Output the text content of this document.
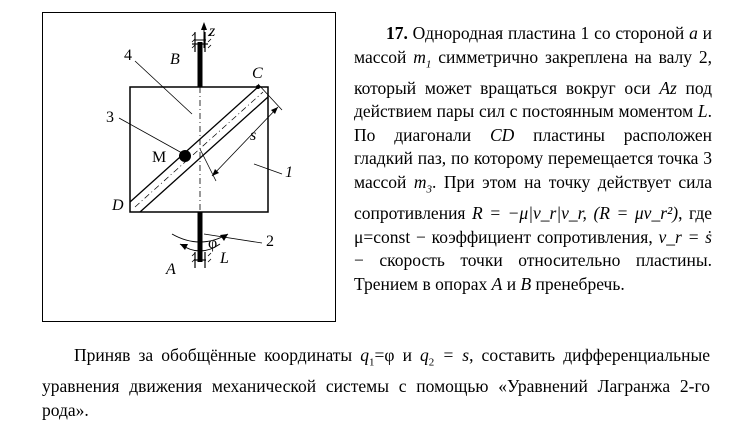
z
B
C
4
3
M
s
1
D
2
φ
L
A

17. Однородная пластина 1 со стороной a и массой $m_1$ симметрично закреплена на валу 2, который может вращаться вокруг оси Az под действием пары сил с постоянным моментом L. По диагонали CD пластины расположен гладкий паз, по которому перемещается точка 3 массой $m_3$. При этом на точку действует сила сопротивления R = −μ|v_r|v_r, (R = μv_r²), где μ=const − коэффициент сопротивления, v_r = ṡ − скорость точки относительно пластины. Трением в опорах A и B пренебречь.

Приняв за обобщённые координаты $q_1=\varphi$ и $q_2 = s$, составить дифференциальные уравнения движения механической системы с помощью «Уравнений Лагранжа 2-го рода».
